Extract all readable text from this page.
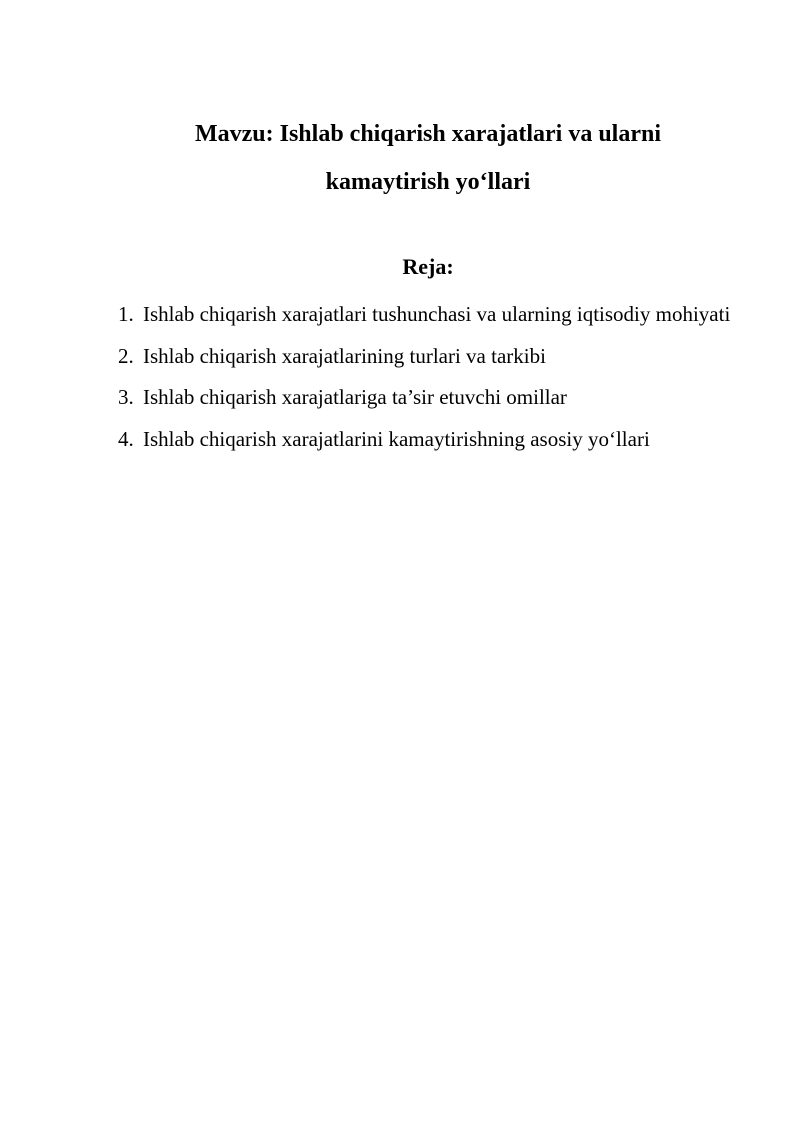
Mavzu: Ishlab chiqarish xarajatlari va ularni
kamaytirish yo‘llari
Reja:
1. Ishlab chiqarish xarajatlari tushunchasi va ularning iqtisodiy mohiyati
2. Ishlab chiqarish xarajatlarining turlari va tarkibi
3. Ishlab chiqarish xarajatlariga ta’sir etuvchi omillar
4. Ishlab chiqarish xarajatlarini kamaytirishning asosiy yo‘llari
